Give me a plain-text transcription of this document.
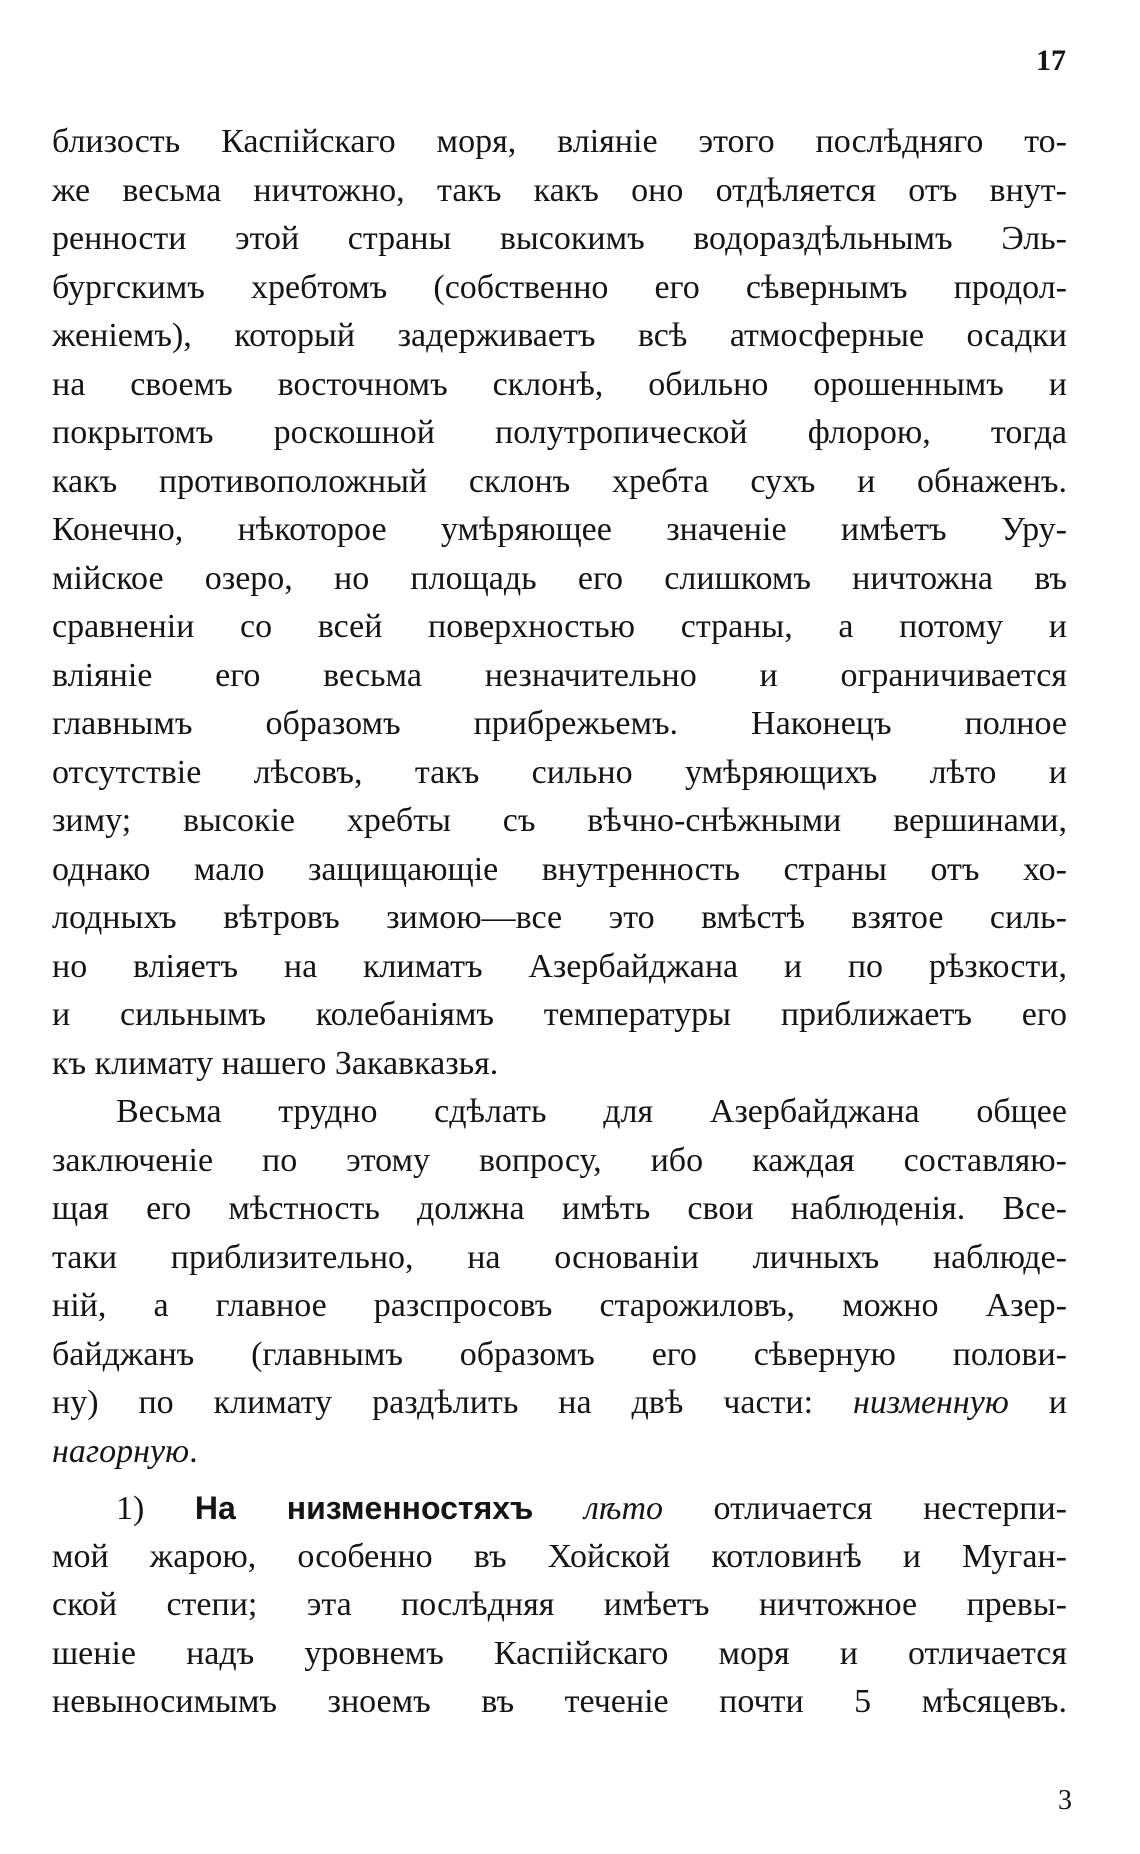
17
близость Каспійскаго моря, вліяніе этого послѣдняго то-
же весьма ничтожно, такъ какъ оно отдѣляется отъ внут-
ренности этой страны высокимъ водораздѣльнымъ Эль-
бургскимъ хребтомъ (собственно его сѣвернымъ продол-
женіемъ), который задерживаетъ всѣ атмосферные осадки
на своемъ восточномъ склонѣ, обильно орошеннымъ и
покрытомъ роскошной полутропической флорою, тогда
какъ противоположный склонъ хребта сухъ и обнаженъ.
Конечно, нѣкоторое умѣряющее значеніе имѣетъ Уру-
мійское озеро, но площадь его слишкомъ ничтожна въ
сравненіи со всей поверхностью страны, а потому и
вліяніе его весьма незначительно и ограничивается
главнымъ образомъ прибрежьемъ. Наконецъ полное
отсутствіе лѣсовъ, такъ сильно умѣряющихъ лѣто и
зиму; высокіе хребты съ вѣчно-снѣжными вершинами,
однако мало защищающіе внутренность страны отъ хо-
лодныхъ вѣтровъ зимою—все это вмѣстѣ взятое силь-
но вліяетъ на климатъ Азербайджана и по рѣзкости,
и сильнымъ колебаніямъ температуры приближаетъ его
къ климату нашего Закавказья.
Весьма трудно сдѣлать для Азербайджана общее
заключеніе по этому вопросу, ибо каждая составляю-
щая его мѣстность должна имѣть свои наблюденія. Все-
таки приблизительно, на основаніи личныхъ наблюде-
ній, а главное разспросовъ старожиловъ, можно Азер-
байджанъ (главнымъ образомъ его сѣверную полови-
ну) по климату раздѣлить на двѣ части: низменную и
нагорную.
1) На низменностяхъ лѣто отличается нестерпи-
мой жарою, особенно въ Хойской котловинѣ и Муган-
ской степи; эта послѣдняя имѣетъ ничтожное превы-
шеніе надъ уровнемъ Каспійскаго моря и отличается
невыносимымъ зноемъ въ теченіе почти 5 мѣсяцевъ.
3
